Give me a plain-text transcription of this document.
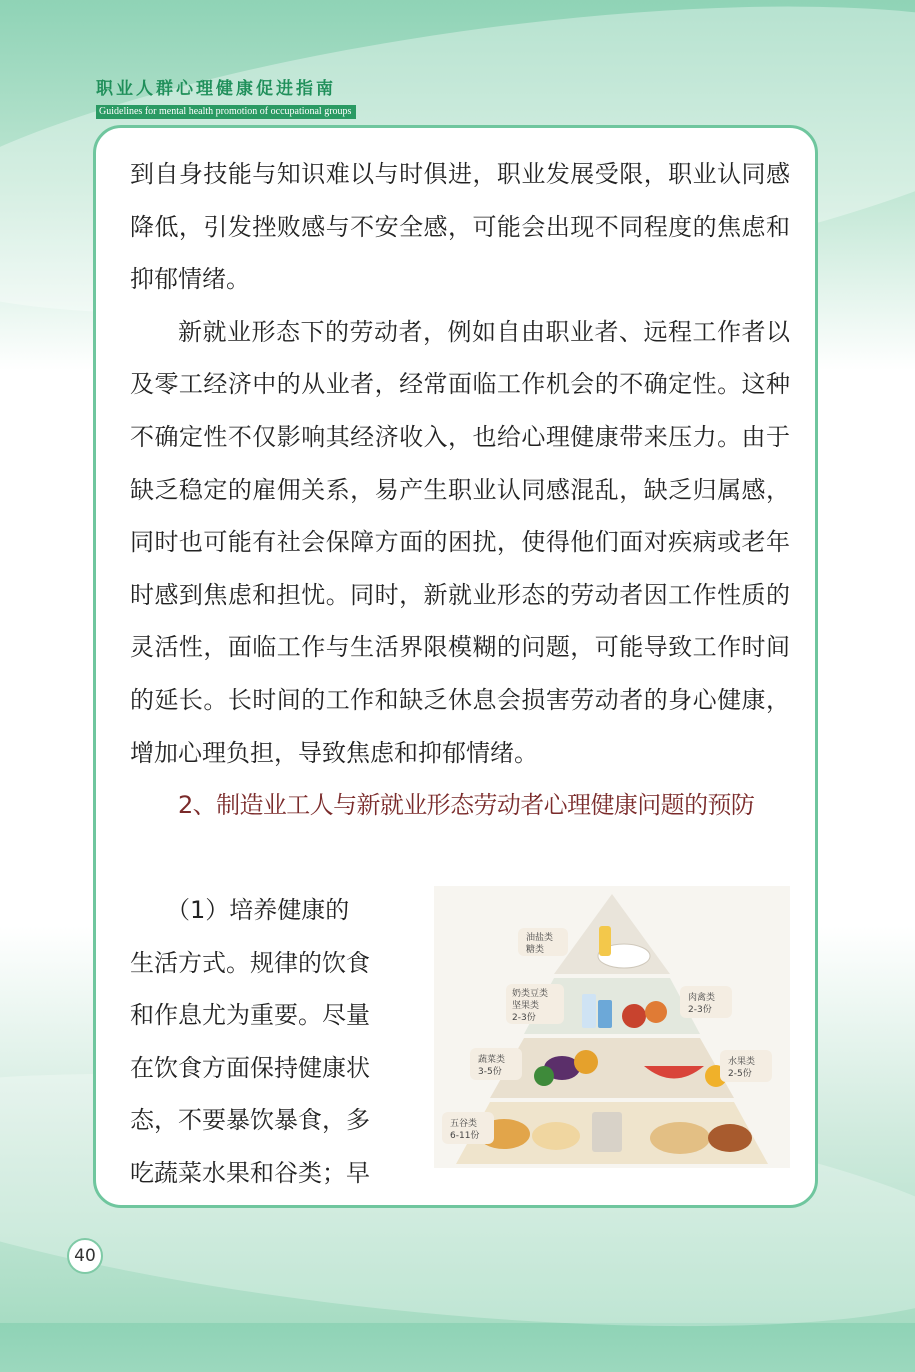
职业人群心理健康促进指南
Guidelines for mental health promotion of occupational groups

到自身技能与知识难以与时俱进，职业发展受限，职业认同感降低，引发挫败感与不安全感，可能会出现不同程度的焦虑和抑郁情绪。

新就业形态下的劳动者，例如自由职业者、远程工作者以及零工经济中的从业者，经常面临工作机会的不确定性。这种不确定性不仅影响其经济收入，也给心理健康带来压力。由于缺乏稳定的雇佣关系，易产生职业认同感混乱，缺乏归属感，同时也可能有社会保障方面的困扰，使得他们面对疾病或老年时感到焦虑和担忧。同时，新就业形态的劳动者因工作性质的灵活性，面临工作与生活界限模糊的问题，可能导致工作时间的延长。长时间的工作和缺乏休息会损害劳动者的身心健康，增加心理负担，导致焦虑和抑郁情绪。

2、制造业工人与新就业形态劳动者心理健康问题的预防

（1）培养健康的

生活方式。规律的饮食

和作息尤为重要。尽量

在饮食方面保持健康状

态，不要暴饮暴食，多

吃蔬菜水果和谷类；早

油盐类
糖类
奶类豆类
坚果类
2-3份
肉禽类
2-3份
蔬菜类
3-5份
水果类
2-5份
五谷类
6-11份
40
